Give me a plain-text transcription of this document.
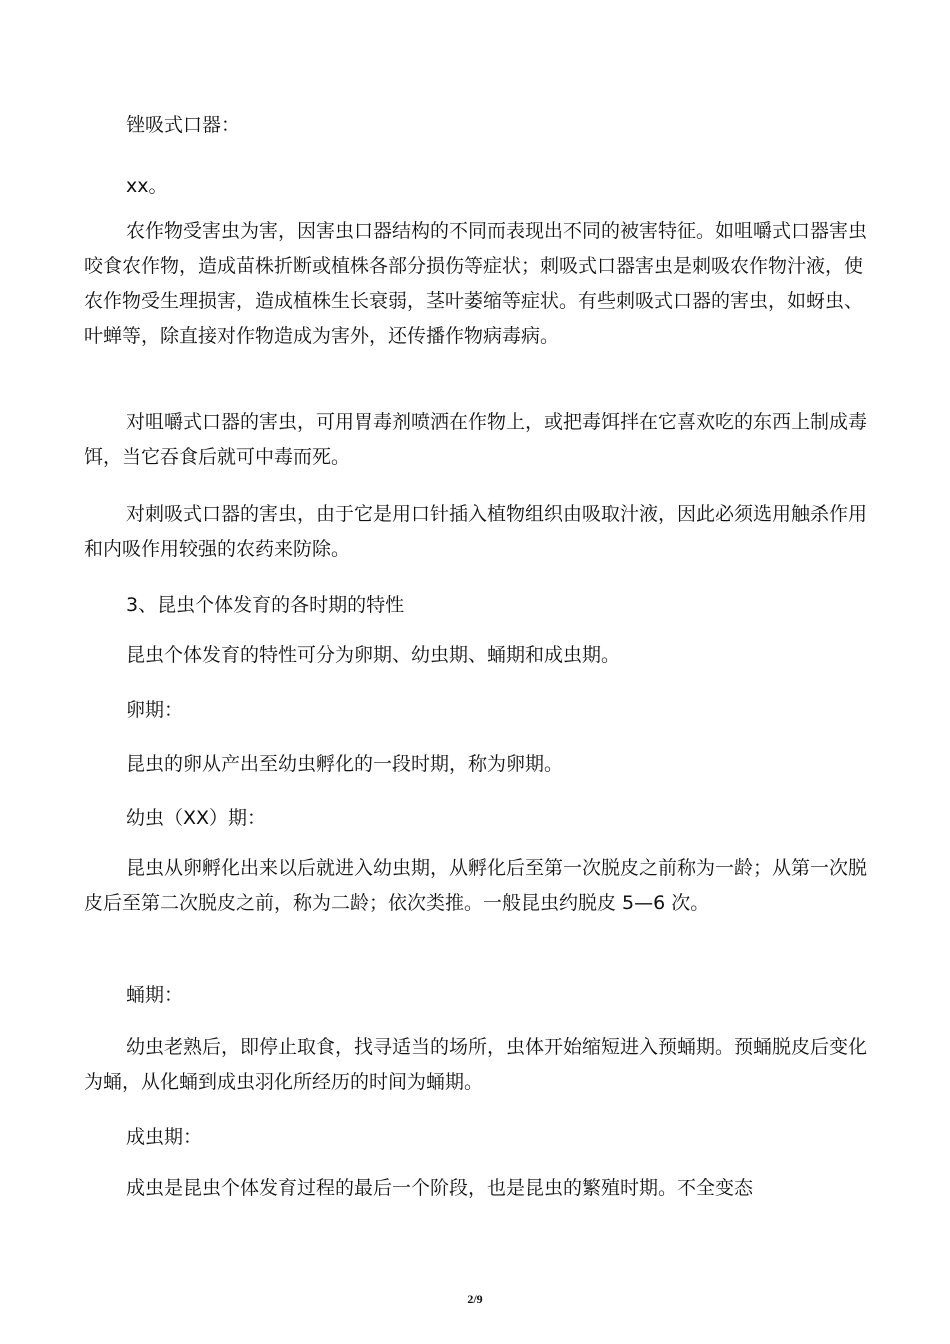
锉吸式口器：

xx。

农作物受害虫为害，因害虫口器结构的不同而表现出不同的被害特征。如咀嚼式口器害虫咬食农作物，造成苗株折断或植株各部分损伤等症状；刺吸式口器害虫是刺吸农作物汁液，使农作物受生理损害，造成植株生长衰弱，茎叶萎缩等症状。有些刺吸式口器的害虫，如蚜虫、叶蝉等，除直接对作物造成为害外，还传播作物病毒病。

对咀嚼式口器的害虫，可用胃毒剂喷洒在作物上，或把毒饵拌在它喜欢吃的东西上制成毒饵，当它吞食后就可中毒而死。

对刺吸式口器的害虫，由于它是用口针插入植物组织由吸取汁液，因此必须选用触杀作用和内吸作用较强的农药来防除。

3、昆虫个体发育的各时期的特性

昆虫个体发育的特性可分为卵期、幼虫期、蛹期和成虫期。

卵期：

昆虫的卵从产出至幼虫孵化的一段时期，称为卵期。

幼虫（XX）期：

昆虫从卵孵化出来以后就进入幼虫期，从孵化后至第一次脱皮之前称为一龄；从第一次脱皮后至第二次脱皮之前，称为二龄；依次类推。一般昆虫约脱皮 5—6 次。

蛹期：

幼虫老熟后，即停止取食，找寻适当的场所，虫体开始缩短进入预蛹期。预蛹脱皮后变化为蛹，从化蛹到成虫羽化所经历的时间为蛹期。

成虫期：

成虫是昆虫个体发育过程的最后一个阶段，也是昆虫的繁殖时期。不全变态

2/9
